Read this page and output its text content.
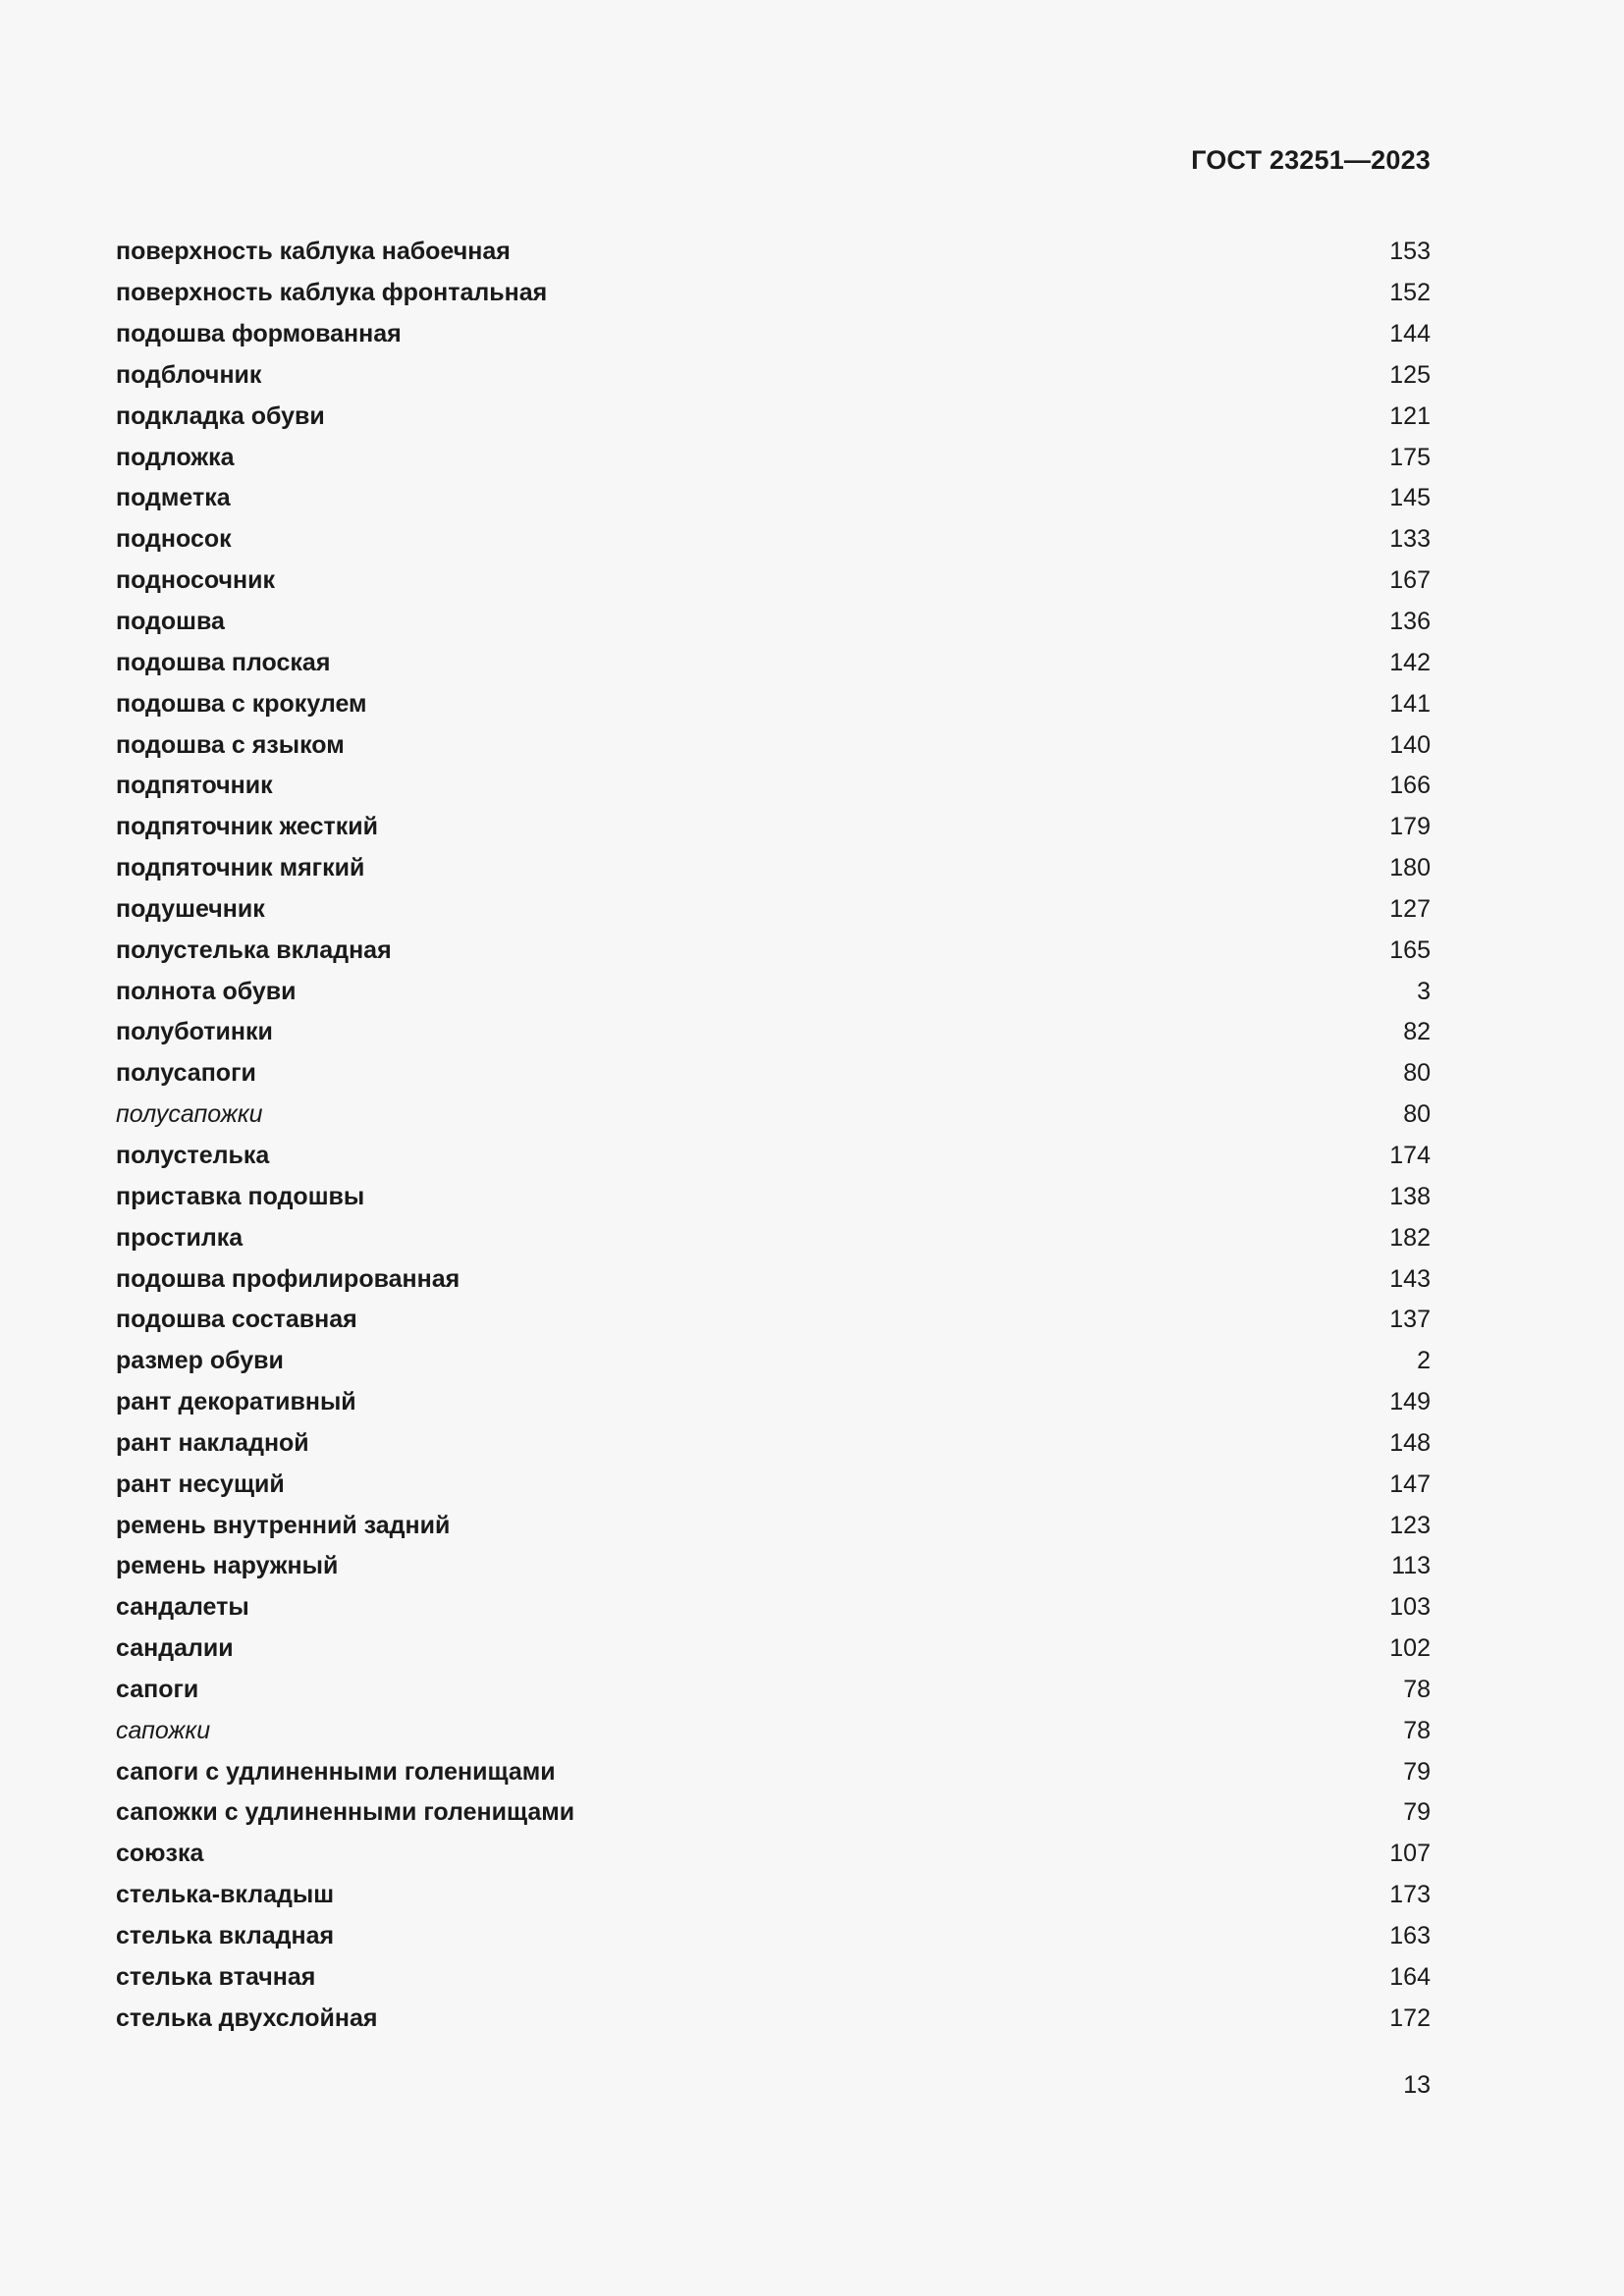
ГОСТ 23251—2023
поверхность каблука набоечная	153
поверхность каблука фронтальная	152
подошва формованная	144
подблочник	125
подкладка обуви	121
подложка	175
подметка	145
подносок	133
подносочник	167
подошва	136
подошва плоская	142
подошва с крокулем	141
подошва с языком	140
подпяточник	166
подпяточник жесткий	179
подпяточник мягкий	180
подушечник	127
полустелька вкладная	165
полнота обуви	3
полуботинки	82
полусапоги	80
полусапожки	80
полустелька	174
приставка подошвы	138
простилка	182
подошва профилированная	143
подошва составная	137
размер обуви	2
рант декоративный	149
рант накладной	148
рант несущий	147
ремень внутренний задний	123
ремень наружный	113
сандалеты	103
сандалии	102
сапоги	78
сапожки	78
сапоги с удлиненными голенищами	79
сапожки с удлиненными голенищами	79
союзка	107
стелька-вкладыш	173
стелька вкладная	163
стелька втачная	164
стелька двухслойная	172
13
